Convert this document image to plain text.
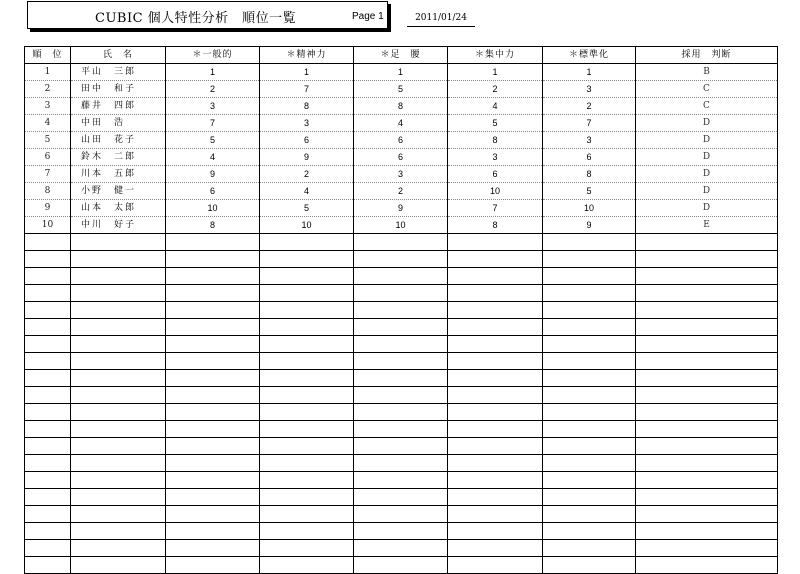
CUBIC 個人特性分析　順位一覧	Page 1	2011/01/24
順　位	氏　名	＊一般的	＊精神力	＊足　腰	＊集中力	＊標準化	採用　判断
1	平山　三郎	1	1	1	1	1	B
2	田中　和子	2	7	5	2	3	C
3	藤井　四郎	3	8	8	4	2	C
4	中田　浩	7	3	4	5	7	D
5	山田　花子	5	6	6	8	3	D
6	鈴木　二郎	4	9	6	3	6	D
7	川本　五郎	9	2	3	6	8	D
8	小野　健一	6	4	2	10	5	D
9	山本　太郎	10	5	9	7	10	D
10	中川　好子	8	10	10	8	9	E
